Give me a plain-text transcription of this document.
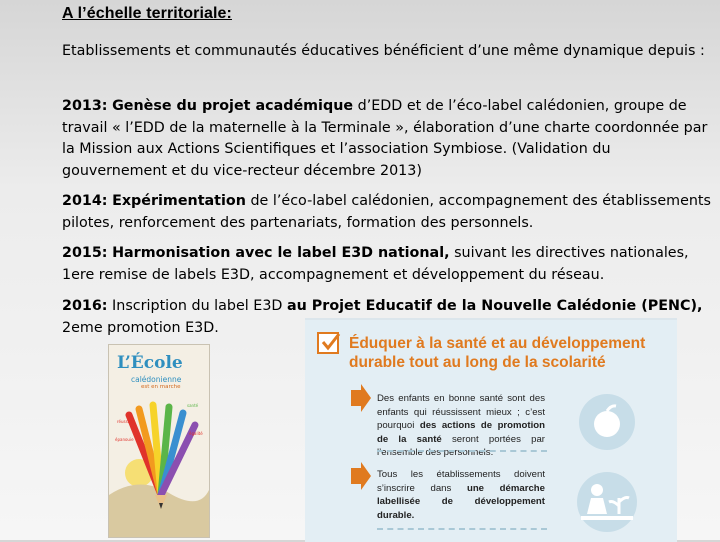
A l’échelle territoriale:

Etablissements et communautés éducatives bénéficient d’une même dynamique depuis :

2013: Genèse du projet académique d’EDD et de l’éco-label calédonien, groupe de travail « l’EDD de la maternelle à la Terminale », élaboration d’une charte coordonnée par la Mission aux Actions Scientifiques et l’association Symbiose. (Validation du gouvernement et du vice-recteur décembre 2013)

2014: Expérimentation de l’éco-label calédonien, accompagnement des établissements pilotes, renforcement des partenariats, formation des personnels.

2015: Harmonisation avec le label E3D national, suivant les directives nationales, 1ere remise de labels E3D, accompagnement et développement du réseau.

2016: Inscription du label E3D au Projet Educatif de la Nouvelle Calédonie (PENC), 2eme promotion E3D.

réussite
épanouie
santé
égalité
L’École
calédonienne
est en marche
Éduquer à la santé et au développement durable tout au long de la scolarité

Des enfants en bonne santé sont des enfants qui réussissent mieux ; c’est pourquoi des actions de promotion de la santé seront portées par l’ensemble des personnels.

Tous les établissements doivent s’inscrire dans une démarche labellisée de développement durable.
